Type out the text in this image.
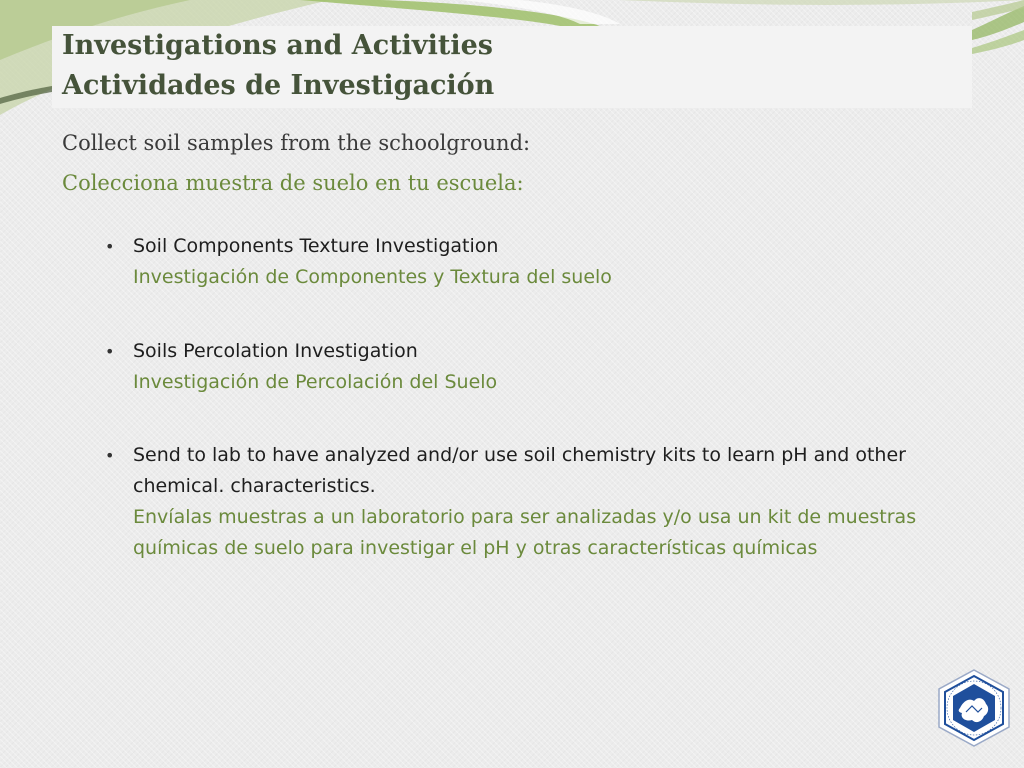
Investigations and Activities
Actividades de Investigación

Collect soil samples from the schoolground:

Colecciona muestra de suelo en tu escuela:

• Soil Components Texture Investigation
Investigación de Componentes y Textura del suelo
• Soils Percolation Investigation
Investigación de Percolación del Suelo
• Send to lab to have analyzed and/or use soil chemistry kits to learn pH and other chemical. characteristics.
Envíalas muestras a un laboratorio para ser analizadas y/o usa un kit de muestras químicas de suelo para investigar el pH y otras características químicas
